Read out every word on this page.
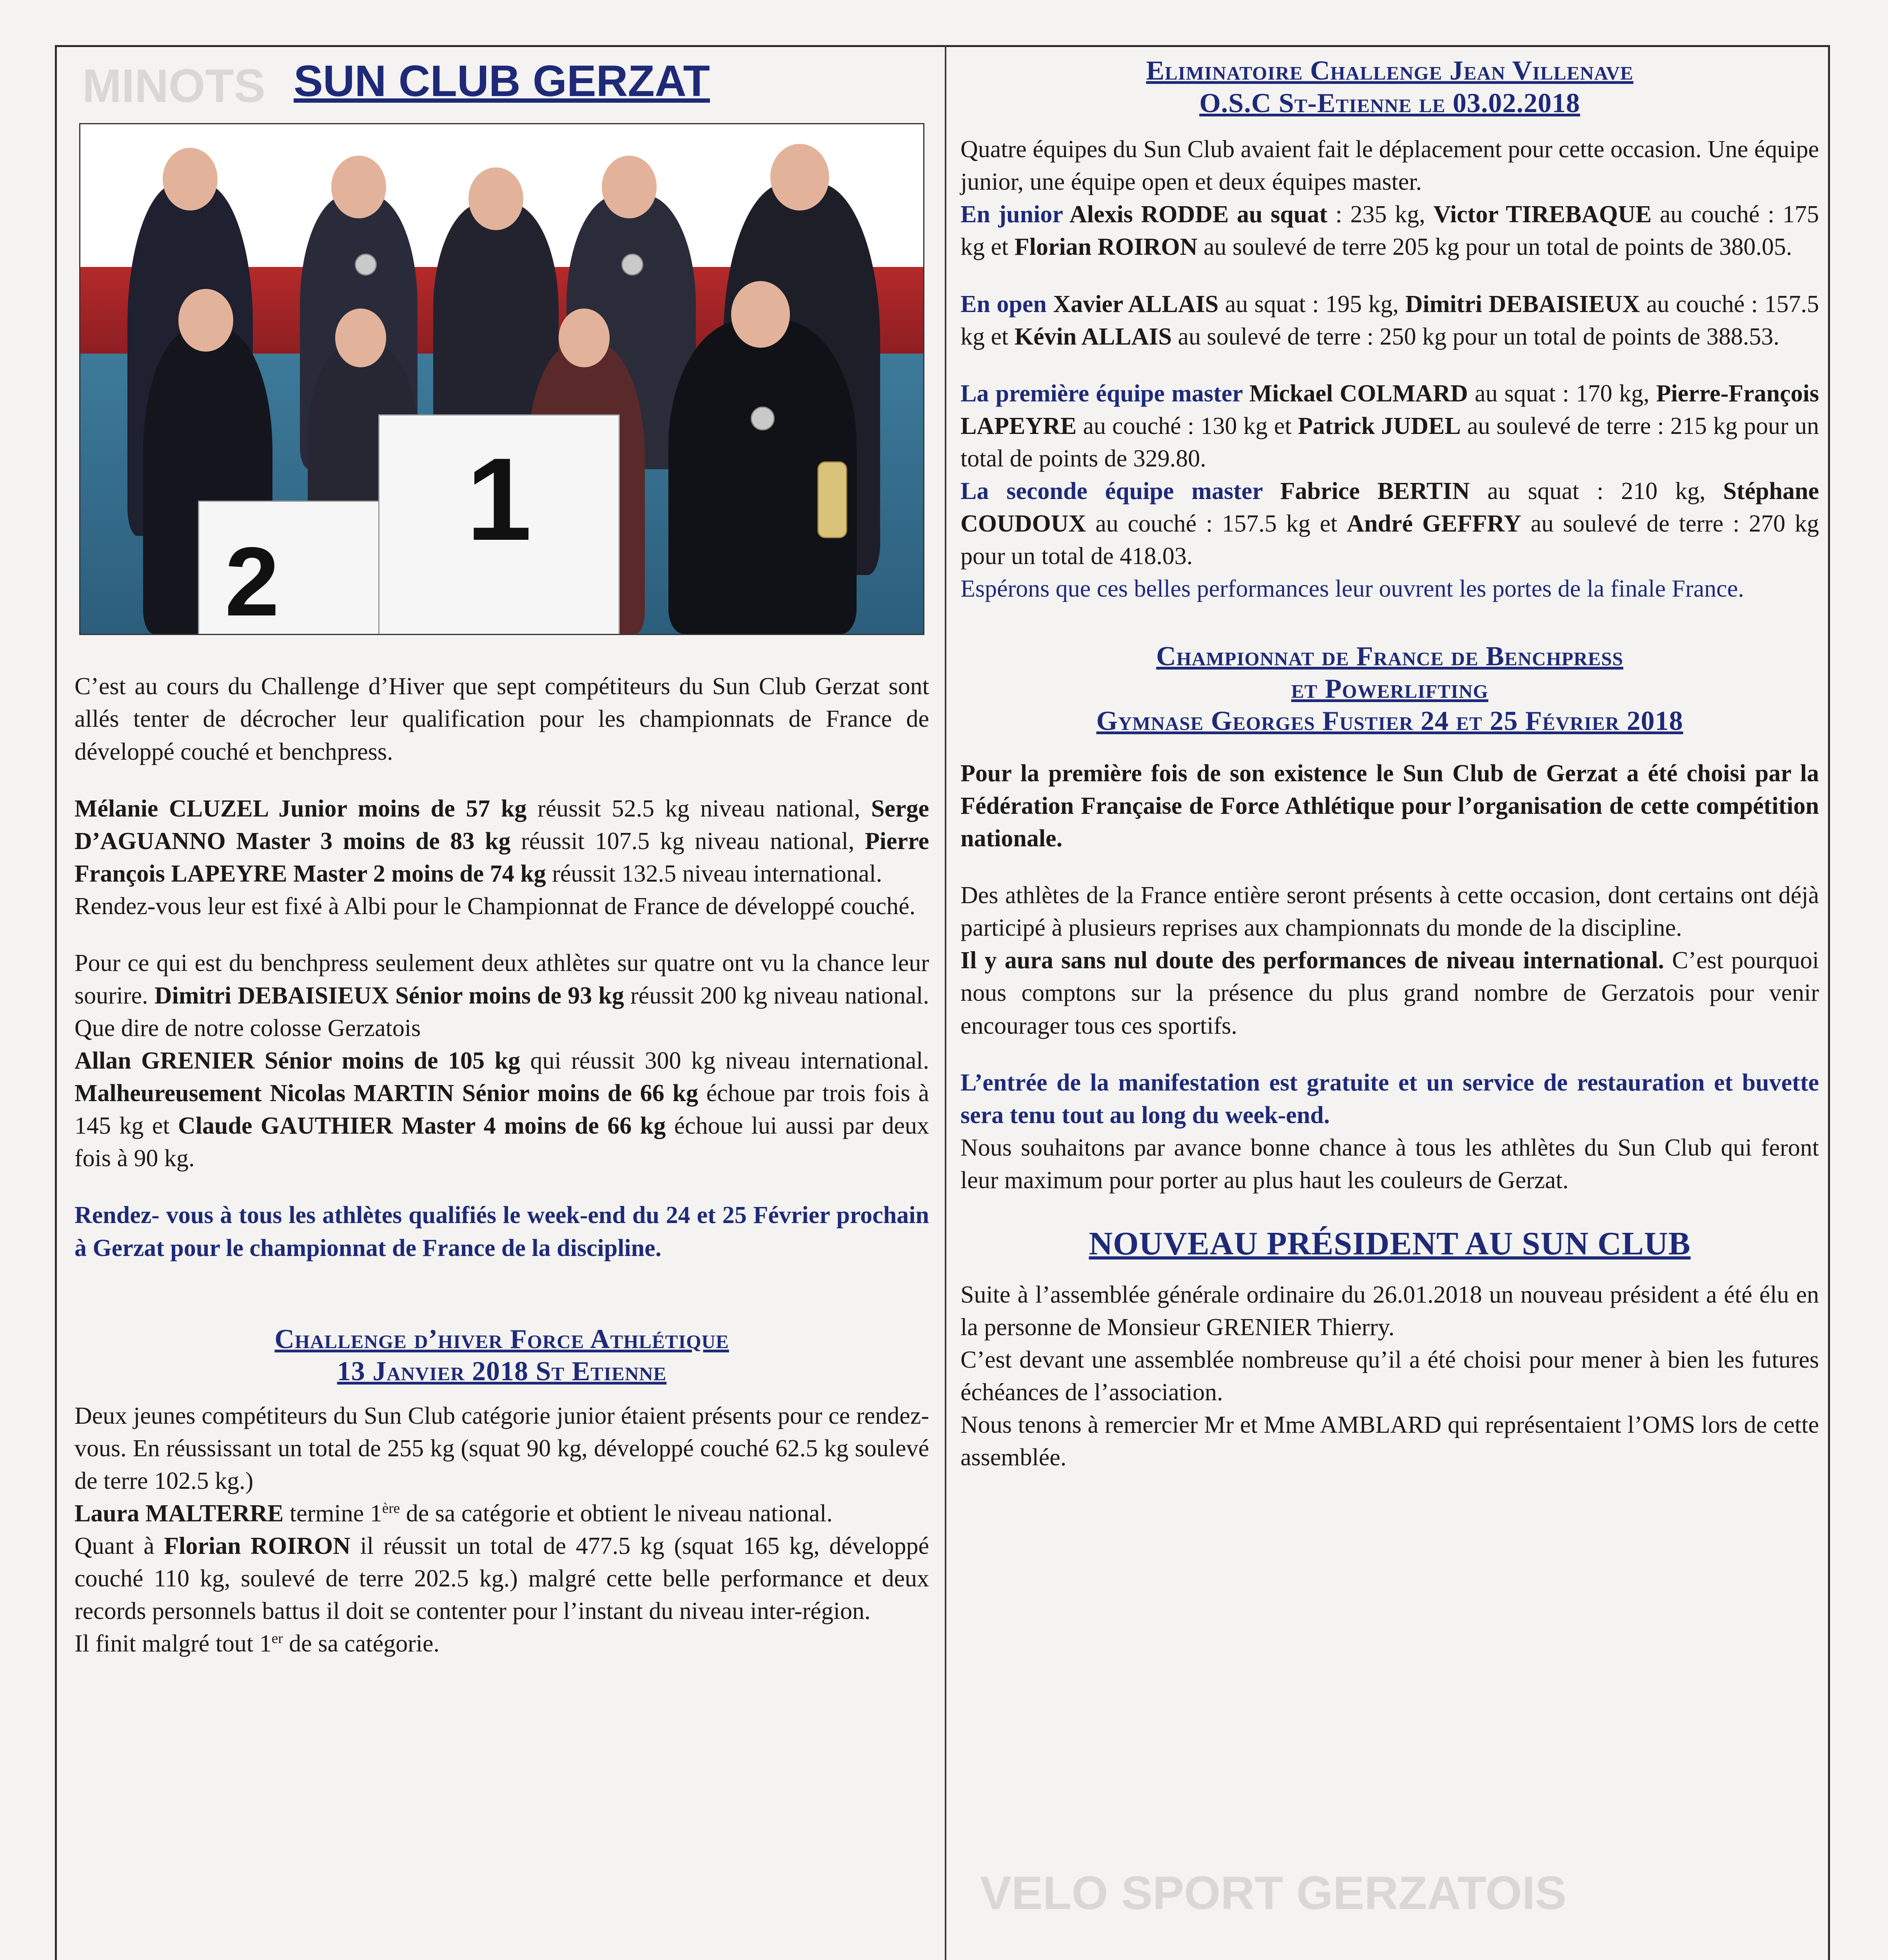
MINOTS
VELO SPORT GERZATOIS
SUN CLUB GERZAT
2
1

C’est au cours du Challenge d’Hiver que sept compétiteurs du Sun Club Gerzat sont allés tenter de décrocher leur qualification pour les championnats de France de développé couché et benchpress.

Mélanie CLUZEL Junior moins de 57 kg réussit 52.5 kg niveau national, Serge D’AGUANNO Master 3 moins de 83 kg réussit 107.5 kg niveau national, Pierre François LAPEYRE Master 2 moins de 74 kg réussit 132.5 niveau international.

Rendez-vous leur est fixé à Albi pour le Championnat de France de développé couché.

Pour ce qui est du benchpress seulement deux athlètes sur quatre ont vu la chance leur sourire. Dimitri DEBAISIEUX Sénior moins de 93 kg réussit 200 kg niveau national. Que dire de notre colosse Gerzatois

Allan GRENIER Sénior moins de 105 kg qui réussit 300 kg niveau international. Malheureusement Nicolas MARTIN Sénior moins de 66 kg échoue par trois fois à 145 kg et Claude GAUTHIER Master 4 moins de 66 kg échoue lui aussi par deux fois à 90 kg.

Rendez- vous à tous les athlètes qualifiés le week-end du 24 et 25 Février prochain à Gerzat pour le championnat de France de la discipline.

Challenge d’hiver Force Athlétique
13 Janvier 2018 St Etienne

Deux jeunes compétiteurs du Sun Club catégorie junior étaient présents pour ce rendez-vous. En réussissant un total de 255 kg (squat 90 kg, développé couché 62.5 kg soulevé de terre 102.5 kg.)

Laura MALTERRE termine 1ère de sa catégorie et obtient le niveau national.

Quant à Florian ROIRON il réussit un total de 477.5 kg (squat 165 kg, développé couché 110 kg, soulevé de terre 202.5 kg.) malgré cette belle performance et deux records personnels battus il doit se contenter pour l’instant du niveau inter-région.

Il finit malgré tout 1er de sa catégorie.

Eliminatoire Challenge Jean Villenave
O.S.C St-Etienne le 03.02.2018

Quatre équipes du Sun Club avaient fait le déplacement pour cette occasion. Une équipe junior, une équipe open et deux équipes master.

En junior Alexis RODDE au squat : 235 kg, Victor TIREBAQUE au couché : 175 kg et Florian ROIRON au soulevé de terre 205 kg pour un total de points de 380.05.

En open Xavier ALLAIS au squat : 195 kg, Dimitri DEBAISIEUX au couché : 157.5 kg et Kévin ALLAIS au soulevé de terre : 250 kg pour un total de points de 388.53.

La première équipe master Mickael COLMARD au squat : 170 kg, Pierre-François LAPEYRE au couché : 130 kg et Patrick JUDEL au soulevé de terre : 215 kg pour un total de points de 329.80.

La seconde équipe master Fabrice BERTIN au squat : 210 kg, Stéphane COUDOUX au couché : 157.5 kg et André GEFFRY au soulevé de terre : 270 kg pour un total de 418.03.

Espérons que ces belles performances leur ouvrent les portes de la finale France.

Championnat de France de Benchpress
et Powerlifting
Gymnase Georges Fustier 24 et 25 Février 2018

Pour la première fois de son existence le Sun Club de Gerzat a été choisi par la Fédération Française de Force Athlétique pour l’organisation de cette compétition nationale.

Des athlètes de la France entière seront présents à cette occasion, dont certains ont déjà participé à plusieurs reprises aux championnats du monde de la discipline.

Il y aura sans nul doute des performances de niveau international. C’est pourquoi nous comptons sur la présence du plus grand nombre de Gerzatois pour venir encourager tous ces sportifs.

L’entrée de la manifestation est gratuite et un service de restauration et buvette sera tenu tout au long du week-end.

Nous souhaitons par avance bonne chance à tous les athlètes du Sun Club qui feront leur maximum pour porter au plus haut les couleurs de Gerzat.

NOUVEAU PRÉSIDENT AU SUN CLUB

Suite à l’assemblée générale ordinaire du 26.01.2018 un nouveau président a été élu en la personne de Monsieur GRENIER Thierry.

C’est devant une assemblée nombreuse qu’il a été choisi pour mener à bien les futures échéances de l’association.

Nous tenons à remercier Mr et Mme AMBLARD qui représentaient l’OMS lors de cette assemblée.
